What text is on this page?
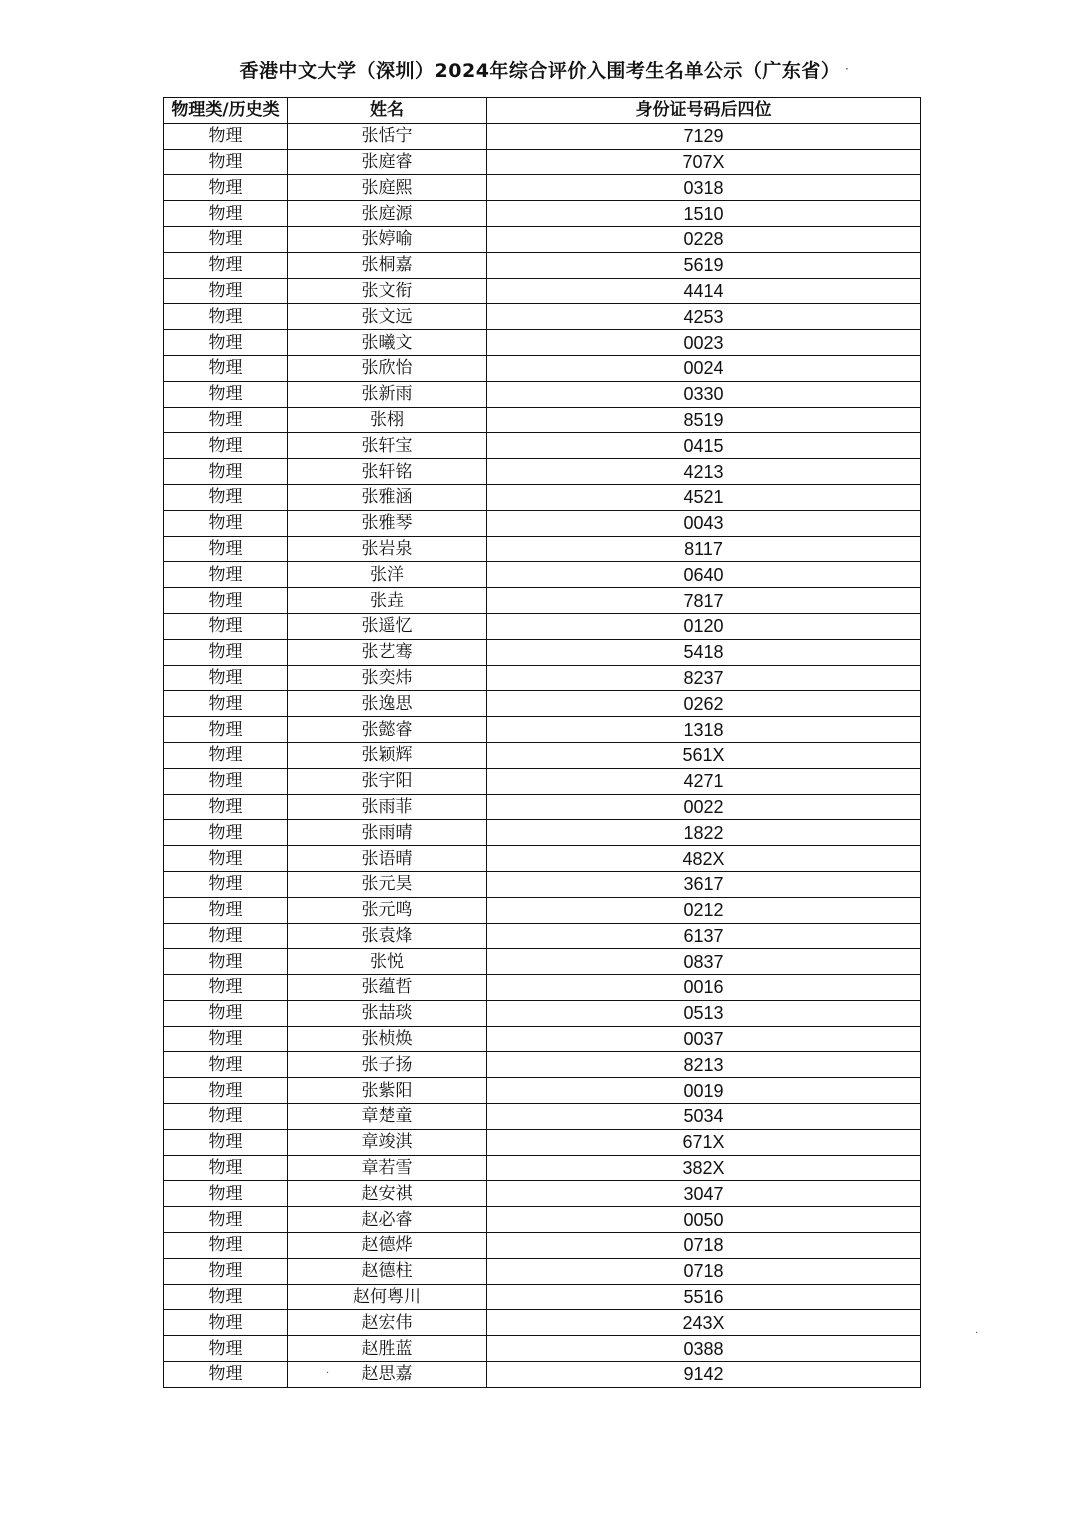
香港中文大学（深圳）2024年综合评价入围考生名单公示（广东省） ·
·
·
物理类/历史类	姓名	身份证号码后四位
物理	张恬宁	7129
物理	张庭睿	707X
物理	张庭熙	0318
物理	张庭源	1510
物理	张婷喻	0228
物理	张桐嘉	5619
物理	张文衔	4414
物理	张文远	4253
物理	张曦文	0023
物理	张欣怡	0024
物理	张新雨	0330
物理	张栩	8519
物理	张轩宝	0415
物理	张轩铭	4213
物理	张雅涵	4521
物理	张雅琴	0043
物理	张岩泉	8117
物理	张洋	0640
物理	张垚	7817
物理	张遥忆	0120
物理	张艺骞	5418
物理	张奕炜	8237
物理	张逸思	0262
物理	张懿睿	1318
物理	张颖辉	561X
物理	张宇阳	4271
物理	张雨菲	0022
物理	张雨晴	1822
物理	张语晴	482X
物理	张元昊	3617
物理	张元鸣	0212
物理	张袁烽	6137
物理	张悦	0837
物理	张蕴哲	0016
物理	张喆琰	0513
物理	张桢焕	0037
物理	张子扬	8213
物理	张紫阳	0019
物理	章楚童	5034
物理	章竣淇	671X
物理	章若雪	382X
物理	赵安祺	3047
物理	赵必睿	0050
物理	赵德烨	0718
物理	赵德柱	0718
物理	赵何粤川	5516
物理	赵宏伟	243X
物理	赵胜蓝	0388
物理	赵思嘉	9142
